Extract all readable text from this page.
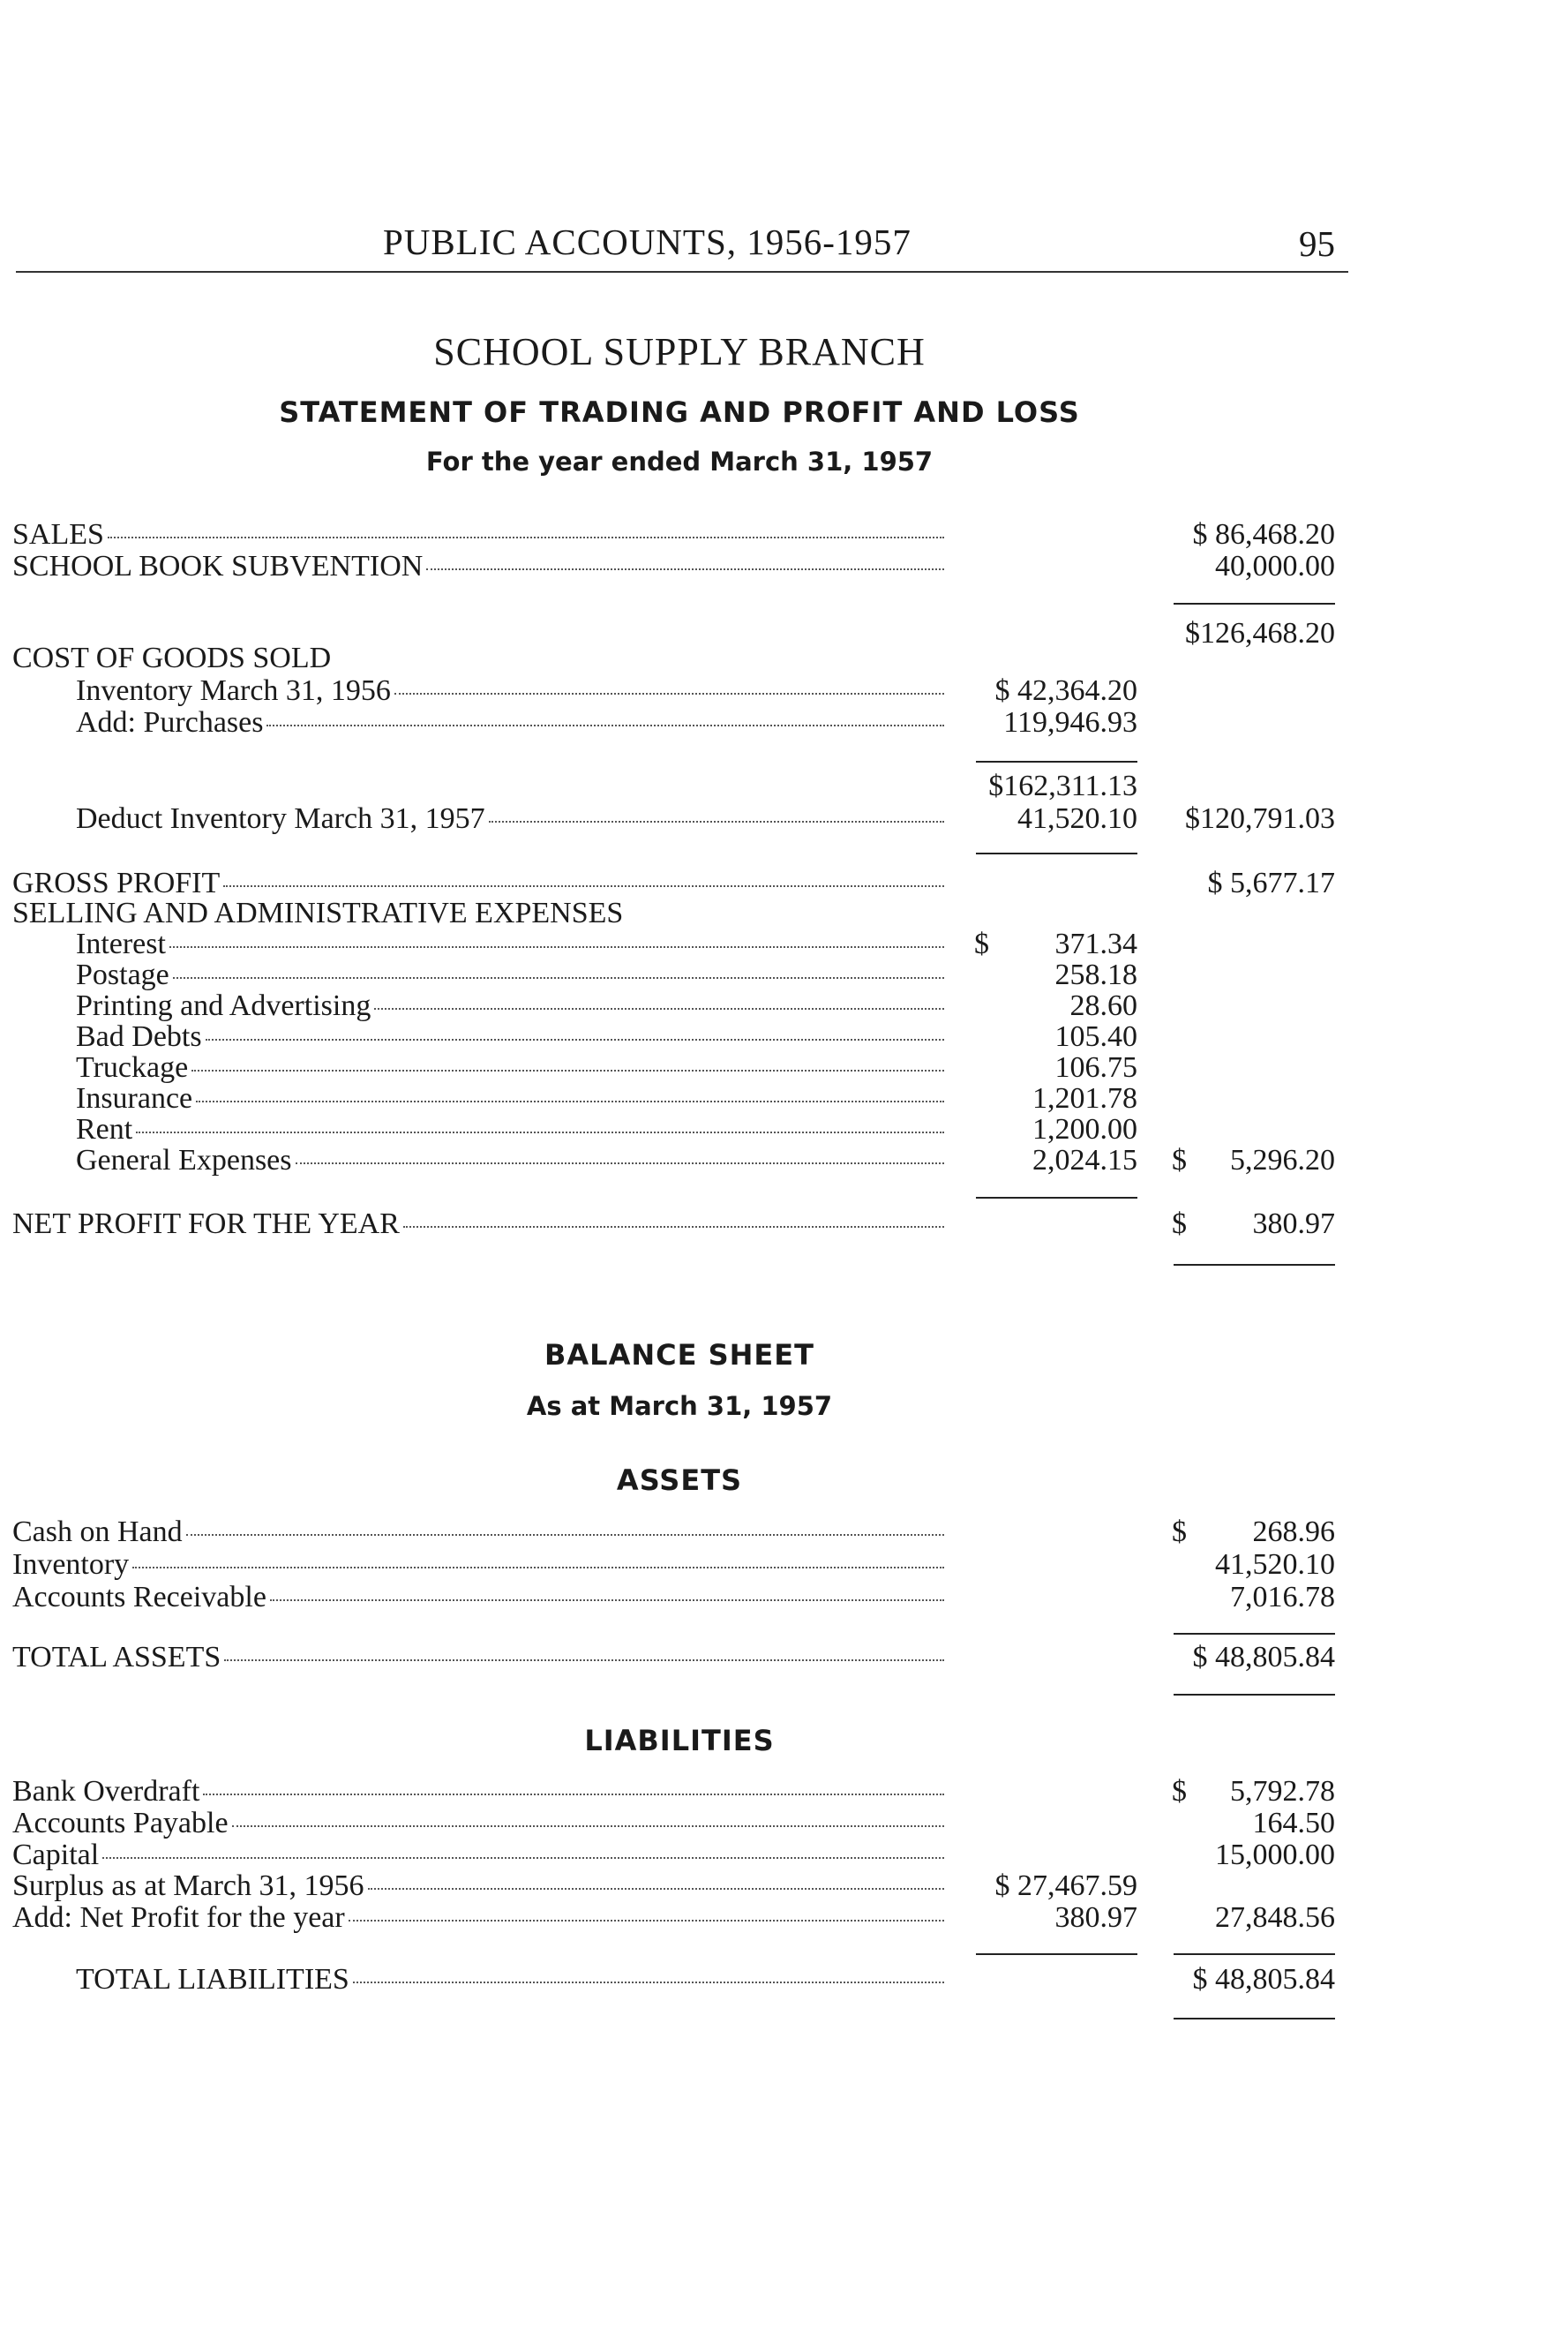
PUBLIC ACCOUNTS, 1956-1957	95
SCHOOL SUPPLY BRANCH
STATEMENT OF TRADING AND PROFIT AND LOSS
For the year ended March 31, 1957
SALES	$ 86,468.20
SCHOOL BOOK SUBVENTION	40,000.00
$126,468.20
COST OF GOODS SOLD
Inventory March 31, 1956	$ 42,364.20
Add: Purchases	119,946.93
$162,311.13
Deduct Inventory March 31, 1957	41,520.10 $120,791.03
GROSS PROFIT	$ 5,677.17
SELLING AND ADMINISTRATIVE EXPENSES
Interest	$ 371.34
Postage	258.18
Printing and Advertising	28.60
Bad Debts	105.40
Truckage	106.75
Insurance	1,201.78
Rent	1,200.00
General Expenses	2,024.15 $ 5,296.20
NET PROFIT FOR THE YEAR	$ 380.97
BALANCE SHEET
As at March 31, 1957
ASSETS
Cash on Hand	$ 268.96
Inventory	41,520.10
Accounts Receivable	7,016.78
TOTAL ASSETS	$ 48,805.84
LIABILITIES
Bank Overdraft	$ 5,792.78
Accounts Payable	164.50
Capital	15,000.00
Surplus as at March 31, 1956	$ 27,467.59
Add: Net Profit for the year	380.97	27,848.56
TOTAL LIABILITIES	$ 48,805.84
